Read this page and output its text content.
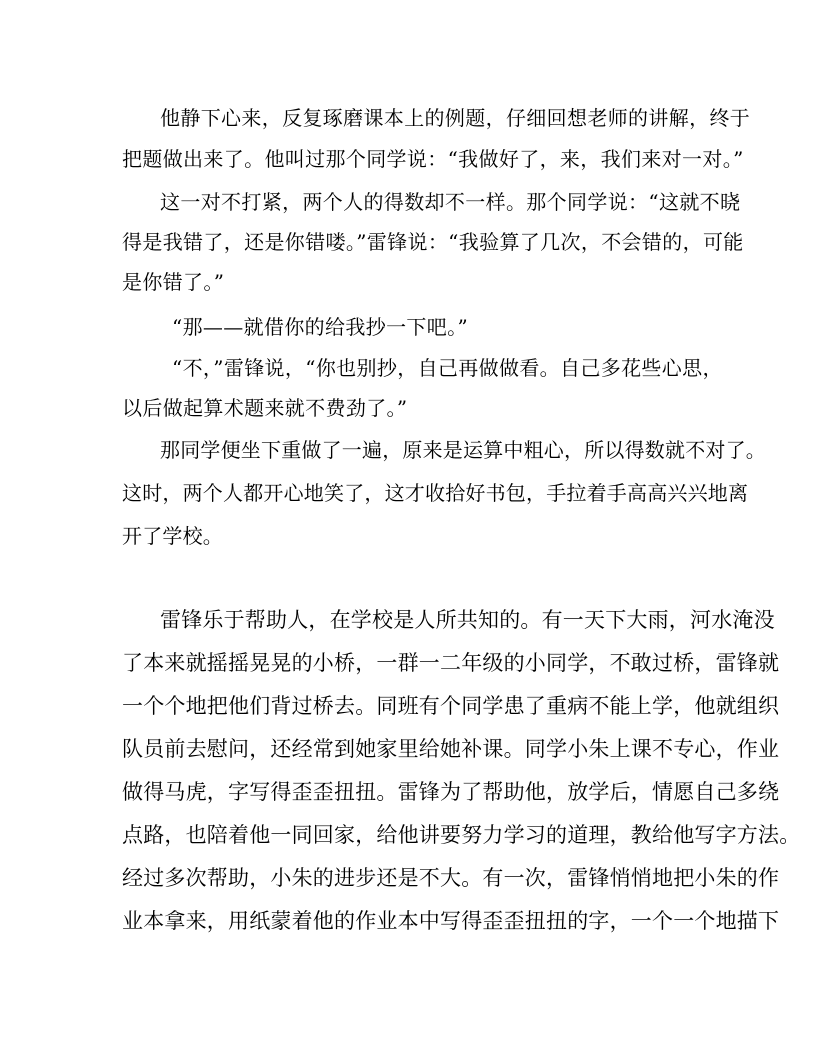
他静下心来，反复琢磨课本上的例题，仔细回想老师的讲解，终于
把题做出来了。他叫过那个同学说：“我做好了，来，我们来对一对。”
这一对不打紧，两个人的得数却不一样。那个同学说：“这就不晓
得是我错了，还是你错喽。”雷锋说：“我验算了几次，不会错的，可能
是你错了。”
“那——就借你的给我抄一下吧。”
“不，”雷锋说，“你也别抄，自己再做做看。自己多花些心思，
以后做起算术题来就不费劲了。”
那同学便坐下重做了一遍，原来是运算中粗心，所以得数就不对了。
这时，两个人都开心地笑了，这才收拾好书包，手拉着手高高兴兴地离
开了学校。
雷锋乐于帮助人，在学校是人所共知的。有一天下大雨，河水淹没
了本来就摇摇晃晃的小桥，一群一二年级的小同学，不敢过桥，雷锋就
一个个地把他们背过桥去。同班有个同学患了重病不能上学，他就组织
队员前去慰问，还经常到她家里给她补课。同学小朱上课不专心，作业
做得马虎，字写得歪歪扭扭。雷锋为了帮助他，放学后，情愿自己多绕
点路，也陪着他一同回家，给他讲要努力学习的道理，教给他写字方法。
经过多次帮助，小朱的进步还是不大。有一次，雷锋悄悄地把小朱的作
业本拿来，用纸蒙着他的作业本中写得歪歪扭扭的字，一个一个地描下
